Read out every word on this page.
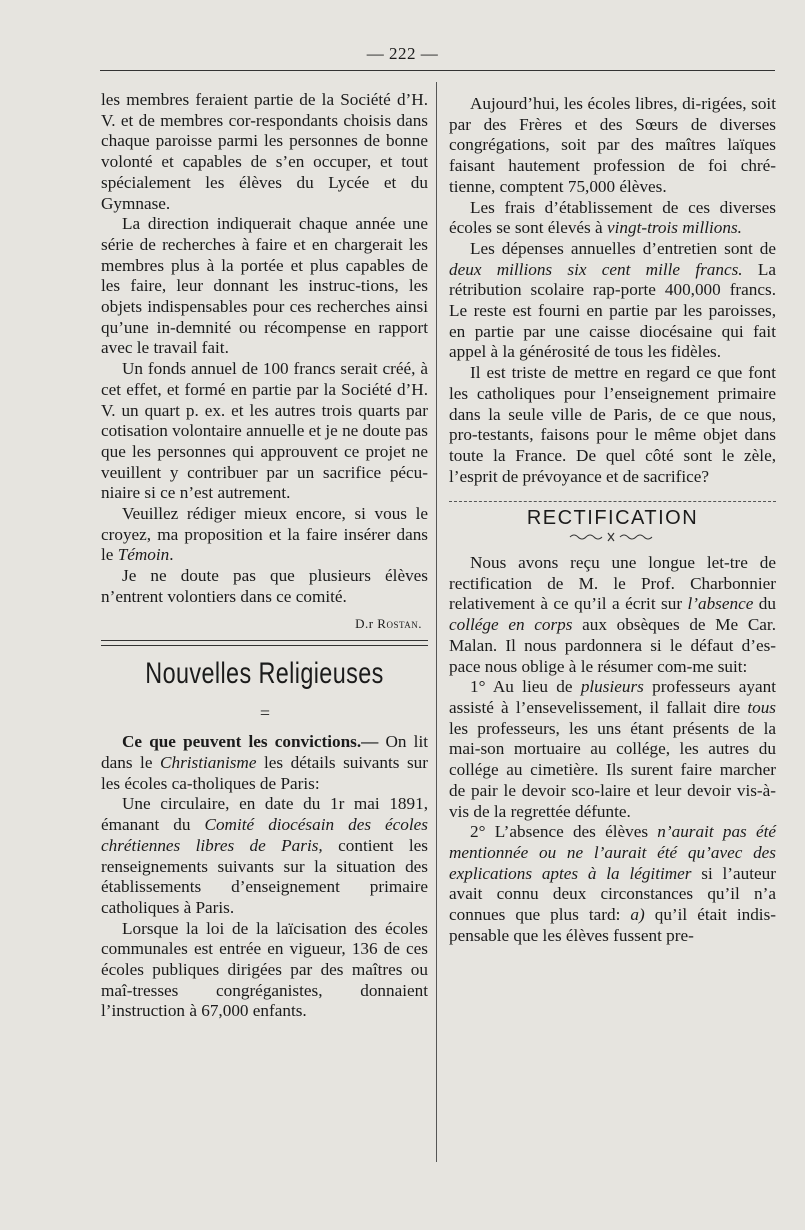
— 222 —

les membres feraient partie de la Société d’H. V. et de membres cor-respondants choisis dans chaque paroisse parmi les personnes de bonne volonté et capables de s’en occuper, et tout spécialement les élèves du Lycée et du Gymnase.

La direction indiquerait chaque année une série de recherches à faire et en chargerait les membres plus à la portée et plus capables de les faire, leur donnant les instruc-tions, les objets indispensables pour ces recherches ainsi qu’une in-demnité ou récompense en rapport avec le travail fait.

Un fonds annuel de 100 francs serait créé, à cet effet, et formé en partie par la Société d’H. V. un quart p. ex. et les autres trois quarts par cotisation volontaire annuelle et je ne doute pas que les personnes qui approuvent ce projet ne veuillent y contribuer par un sacrifice pécu-niaire si ce n’est autrement.

Veuillez rédiger mieux encore, si vous le croyez, ma proposition et la faire insérer dans le Témoin.

Je ne doute pas que plusieurs élèves n’entrent volontiers dans ce comité.

D.r Rostan.
Nouvelles Religieuses
=

Ce que peuvent les convictions.— On lit dans le Christianisme les détails suivants sur les écoles ca-tholiques de Paris:

Une circulaire, en date du 1r mai 1891, émanant du Comité diocésain des écoles chrétiennes libres de Paris, contient les renseignements suivants sur la situation des établissements d’enseignement primaire catholiques à Paris.

Lorsque la loi de la laïcisation des écoles communales est entrée en vigueur, 136 de ces écoles publiques dirigées par des maîtres ou maî-tresses congréganistes, donnaient l’instruction à 67,000 enfants.

Aujourd’hui, les écoles libres, di-rigées, soit par des Frères et des Sœurs de diverses congrégations, soit par des maîtres laïques faisant hautement profession de foi chré-tienne, comptent 75,000 élèves.

Les frais d’établissement de ces diverses écoles se sont élevés à vingt-trois millions.

Les dépenses annuelles d’entretien sont de deux millions six cent mille francs. La rétribution scolaire rap-porte 400,000 francs. Le reste est fourni en partie par les paroisses, en partie par une caisse diocésaine qui fait appel à la générosité de tous les fidèles.

Il est triste de mettre en regard ce que font les catholiques pour l’enseignement primaire dans la seule ville de Paris, de ce que nous, pro-testants, faisons pour le même objet dans toute la France. De quel côté sont le zèle, l’esprit de prévoyance et de sacrifice?

RECTIFICATION

Nous avons reçu une longue let-tre de rectification de M. le Prof. Charbonnier relativement à ce qu’il a écrit sur l’absence du collége en corps aux obsèques de Me Car. Malan. Il nous pardonnera si le défaut d’es-pace nous oblige à le résumer com-me suit:

1° Au lieu de plusieurs professeurs ayant assisté à l’ensevelissement, il fallait dire tous les professeurs, les uns étant présents de la mai-son mortuaire au collége, les autres du collége au cimetière. Ils surent faire marcher de pair le devoir sco-laire et leur devoir vis-à-vis de la regrettée défunte.

2° L’absence des élèves n’aurait pas été mentionnée ou ne l’aurait été qu’avec des explications aptes à la légitimer si l’auteur avait connu deux circonstances qu’il n’a connues que plus tard: a) qu’il était indis-pensable que les élèves fussent pre-
